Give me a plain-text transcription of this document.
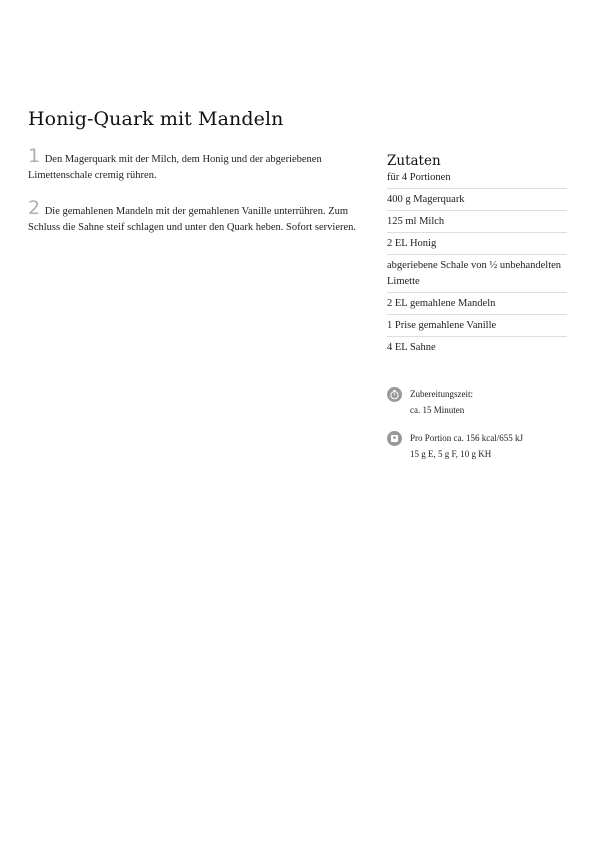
Honig-Quark mit Mandeln

1 Den Magerquark mit der Milch, dem Honig und der abgeriebenen Limettenschale cremig rühren.

2 Die gemahlenen Mandeln mit der gemahlenen Vanille unterrühren. Zum Schluss die Sahne steif schlagen und unter den Quark heben. Sofort servieren.

Zutaten
für 4 Portionen
400 g Magerquark
125 ml Milch
2 EL Honig
abgeriebene Schale von ½ unbehandelten Limette
2 EL gemahlene Mandeln
1 Prise gemahlene Vanille
4 EL Sahne
Zubereitungszeit:
ca. 15 Minuten
Pro Portion ca. 156 kcal/655 kJ
15 g E, 5 g F, 10 g KH
